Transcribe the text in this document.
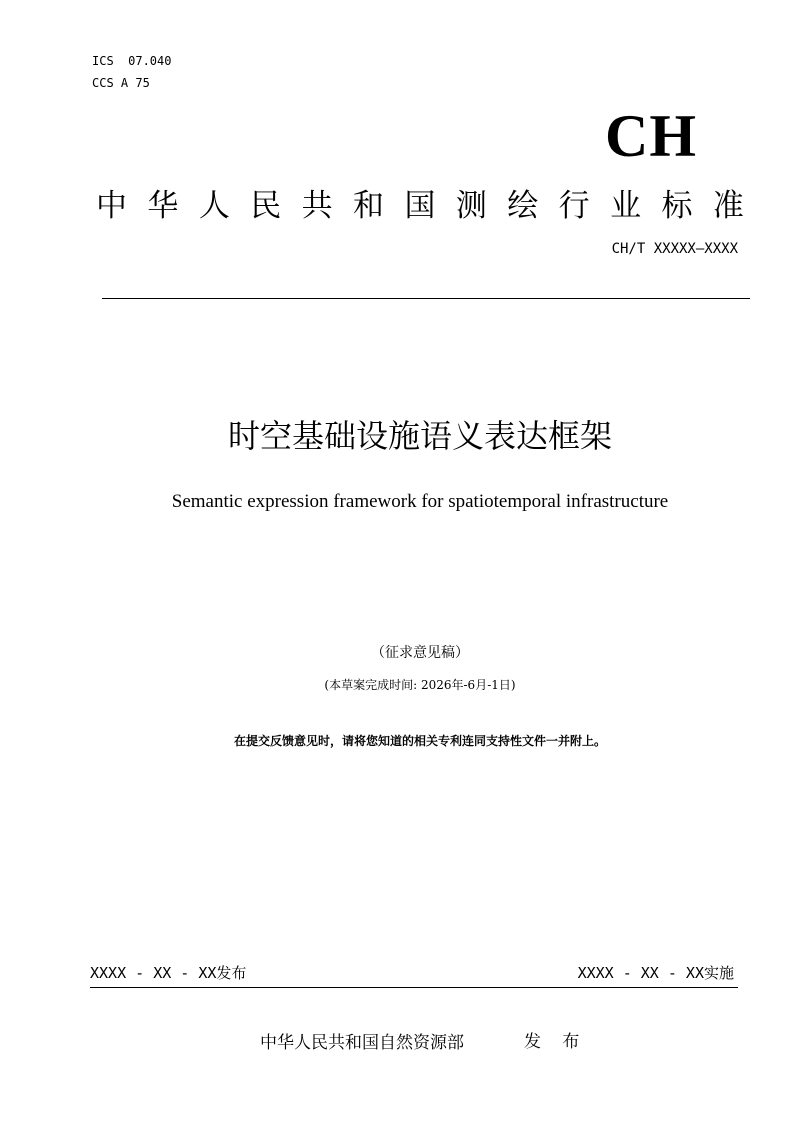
ICS  07.040
CCS A 75
CH
中 华 人 民 共 和 国 测 绘 行 业 标 准
CH/T XXXXX—XXXX
时空基础设施语义表达框架
Semantic expression framework for spatiotemporal infrastructure
（征求意见稿）
(本草案完成时间: 2026年-6月-1日)
在提交反馈意见时，请将您知道的相关专利连同支持性文件一并附上。
XXXX - XX - XX发布	XXXX - XX - XX实施
中华人民共和国自然资源部	发 布
